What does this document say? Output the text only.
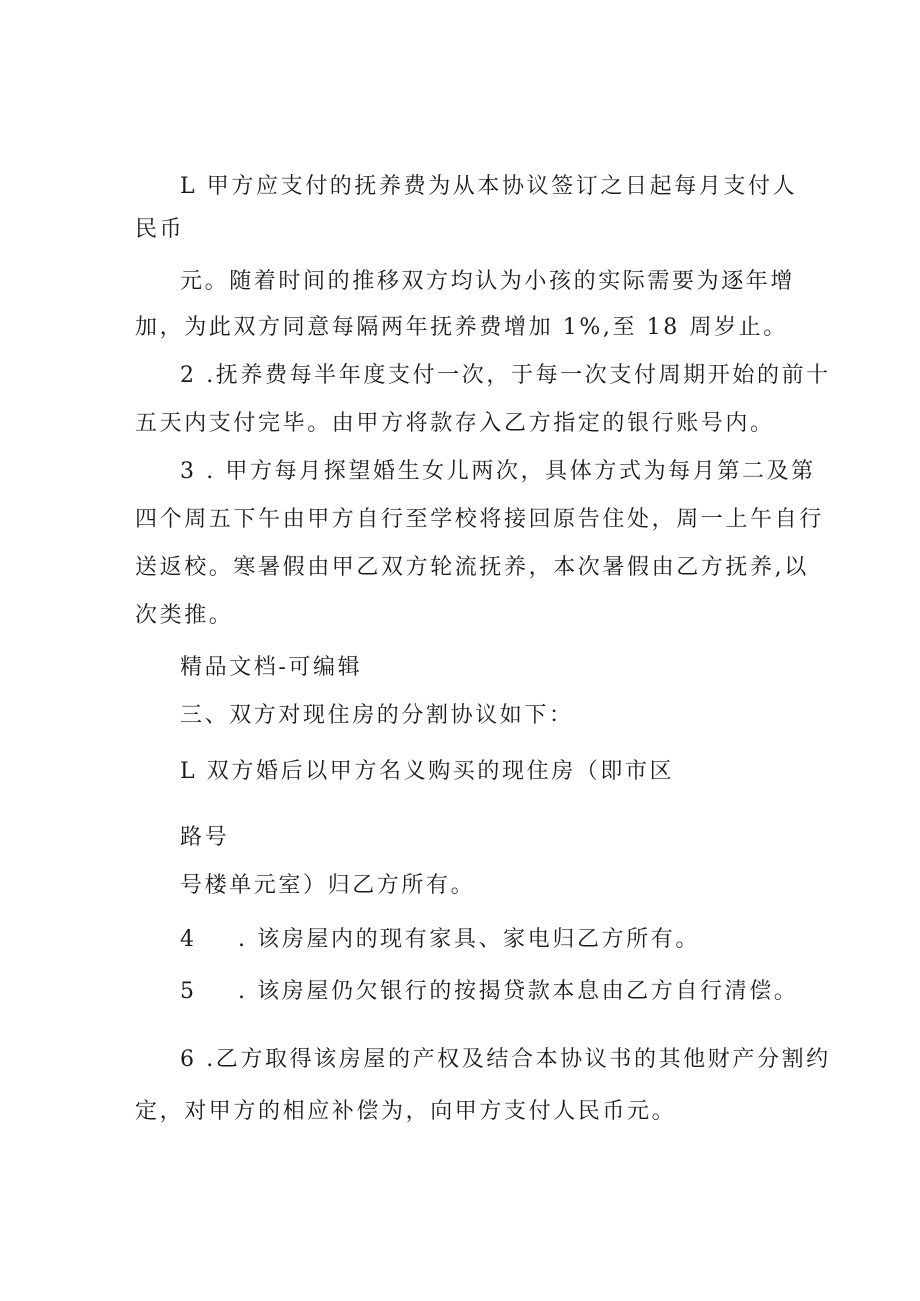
L 甲方应支付的抚养费为从本协议签订之日起每月支付人

民币

元。随着时间的推移双方均认为小孩的实际需要为逐年增

加，为此双方同意每隔两年抚养费增加 1%,至 18 周岁止。

2 .抚养费每半年度支付一次，于每一次支付周期开始的前十

五天内支付完毕。由甲方将款存入乙方指定的银行账号内。

3 . 甲方每月探望婚生女儿两次，具体方式为每月第二及第

四个周五下午由甲方自行至学校将接回原告住处，周一上午自行

送返校。寒暑假由甲乙双方轮流抚养，本次暑假由乙方抚养,以

次类推。

精品文档-可编辑

三、双方对现住房的分割协议如下：

L 双方婚后以甲方名义购买的现住房（即市区

路号

号楼单元室）归乙方所有。

4 . 该房屋内的现有家具、家电归乙方所有。

5 . 该房屋仍欠银行的按揭贷款本息由乙方自行清偿。

6 .乙方取得该房屋的产权及结合本协议书的其他财产分割约

定，对甲方的相应补偿为，向甲方支付人民币元。
